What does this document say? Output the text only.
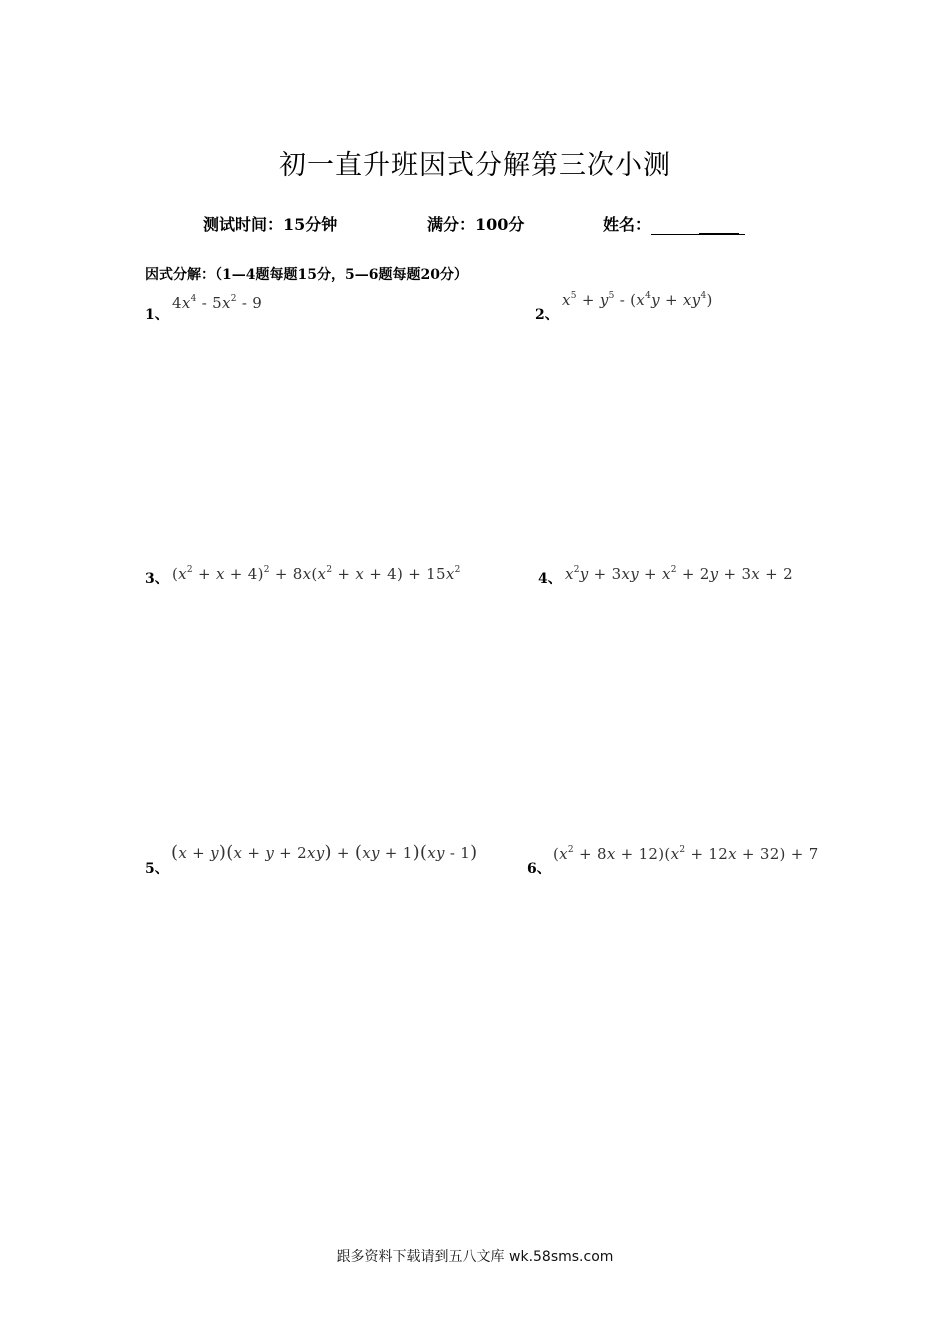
初一直升班因式分解第三次小测
测试时间：15分钟	满分：100分	姓名：
因式分解：（1—4题每题15分，5—6题每题20分）
1、
$4x^4 - 5x^2 - 9$
2、
$x^5 + y^5 - (x^4y + xy^4)$
3、 $(x^2 + x + 4)^2 + 8x(x^2 + x + 4) + 15x^2$
4、 $x^2y + 3xy + x^2 + 2y + 3x + 2$
5、
(x + y)(x + y + 2xy) + (xy + 1)(xy - 1)
6、
$(x^2 + 8x + 12)(x^2 + 12x + 32) + 7$
跟多资料下载请到五八文库 wk.58sms.com
